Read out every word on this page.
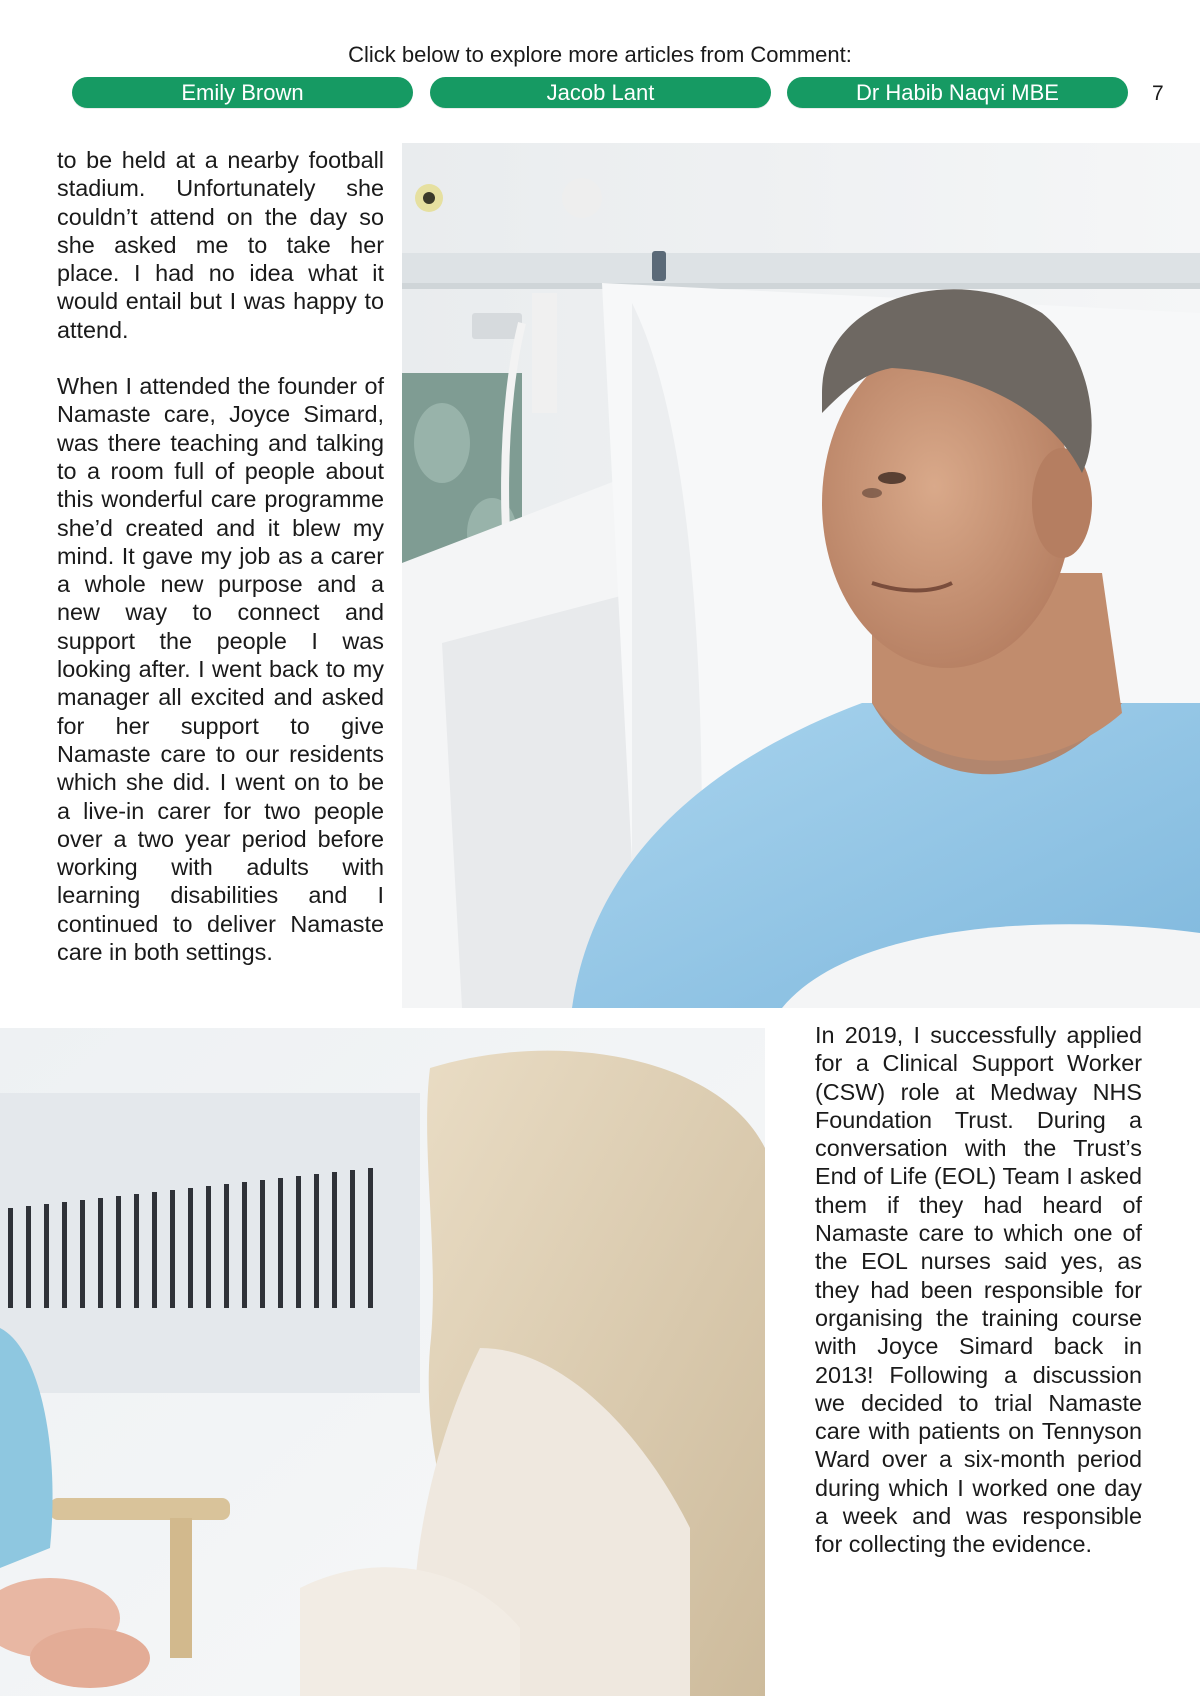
Click below to explore more articles from Comment:
Emily Brown	Jacob Lant	Dr Habib Naqvi MBE	7

to be held at a nearby football stadium. Unfortunately she couldn’t attend on the day so she asked me to take her place. I had no idea what it would entail but I was happy to attend.

When I attended the founder of Namaste care, Joyce Simard, was there teaching and talking to a room full of people about this wonderful care programme she’d created and it blew my mind. It gave my job as a carer a whole new purpose and a new way to connect and support the people I was looking after. I went back to my manager all excited and asked for her support to give Namaste care to our residents which she did. I went on to be a live-in carer for two people over a two year period before working with adults with learning disabilities and I continued to deliver Namaste care in both settings.

In 2019, I successfully applied for a Clinical Support Worker (CSW) role at Medway NHS Foundation Trust. During a conversation with the Trust’s End of Life (EOL) Team I asked them if they had heard of Namaste care to which one of the EOL nurses said yes, as they had been responsible for organising the training course with Joyce Simard back in 2013! Following a discussion we decided to trial Namaste care with patients on Tennyson Ward over a six-month period during which I worked one day a week and was responsible for collecting the evidence.
